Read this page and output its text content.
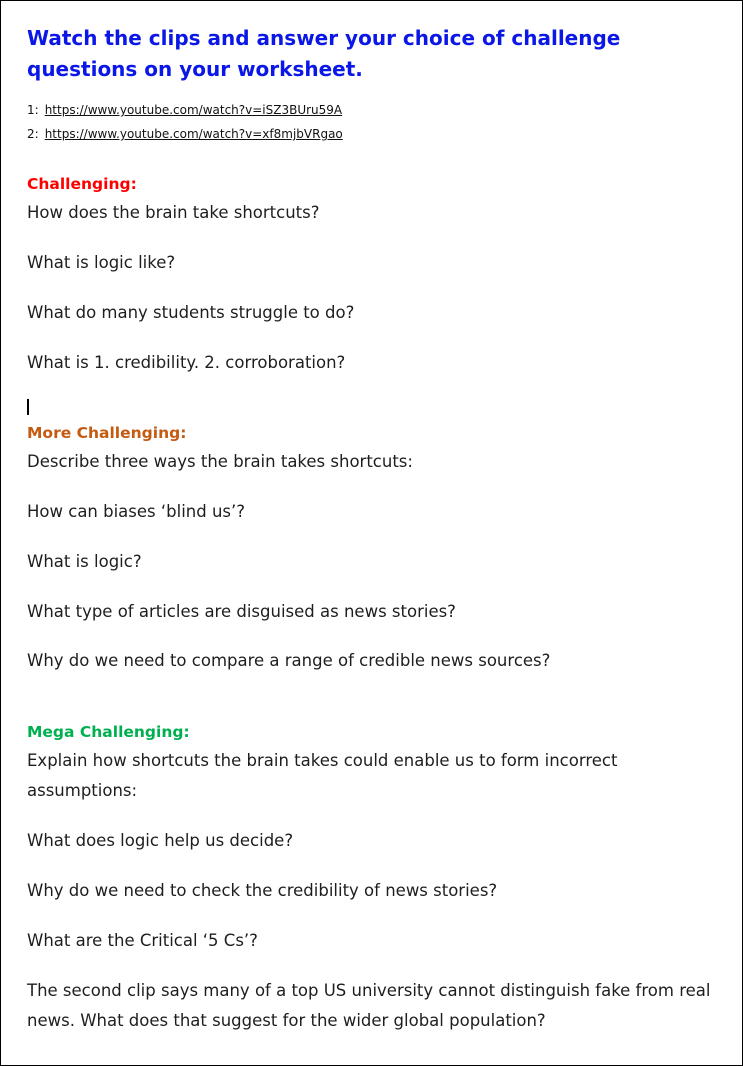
Watch the clips and answer your choice of challenge questions on your worksheet.
1: https://www.youtube.com/watch?v=iSZ3BUru59A
2: https://www.youtube.com/watch?v=xf8mjbVRgao
Challenging:
How does the brain take shortcuts?
What is logic like?
What do many students struggle to do?
What is 1. credibility. 2. corroboration?
More Challenging:
Describe three ways the brain takes shortcuts:
How can biases ‘blind us’?
What is logic?
What type of articles are disguised as news stories?
Why do we need to compare a range of credible news sources?
Mega Challenging:
Explain how shortcuts the brain takes could enable us to form incorrect assumptions:
What does logic help us decide?
Why do we need to check the credibility of news stories?
What are the Critical ‘5 Cs’?
The second clip says many of a top US university cannot distinguish fake from real news. What does that suggest for the wider global population?
